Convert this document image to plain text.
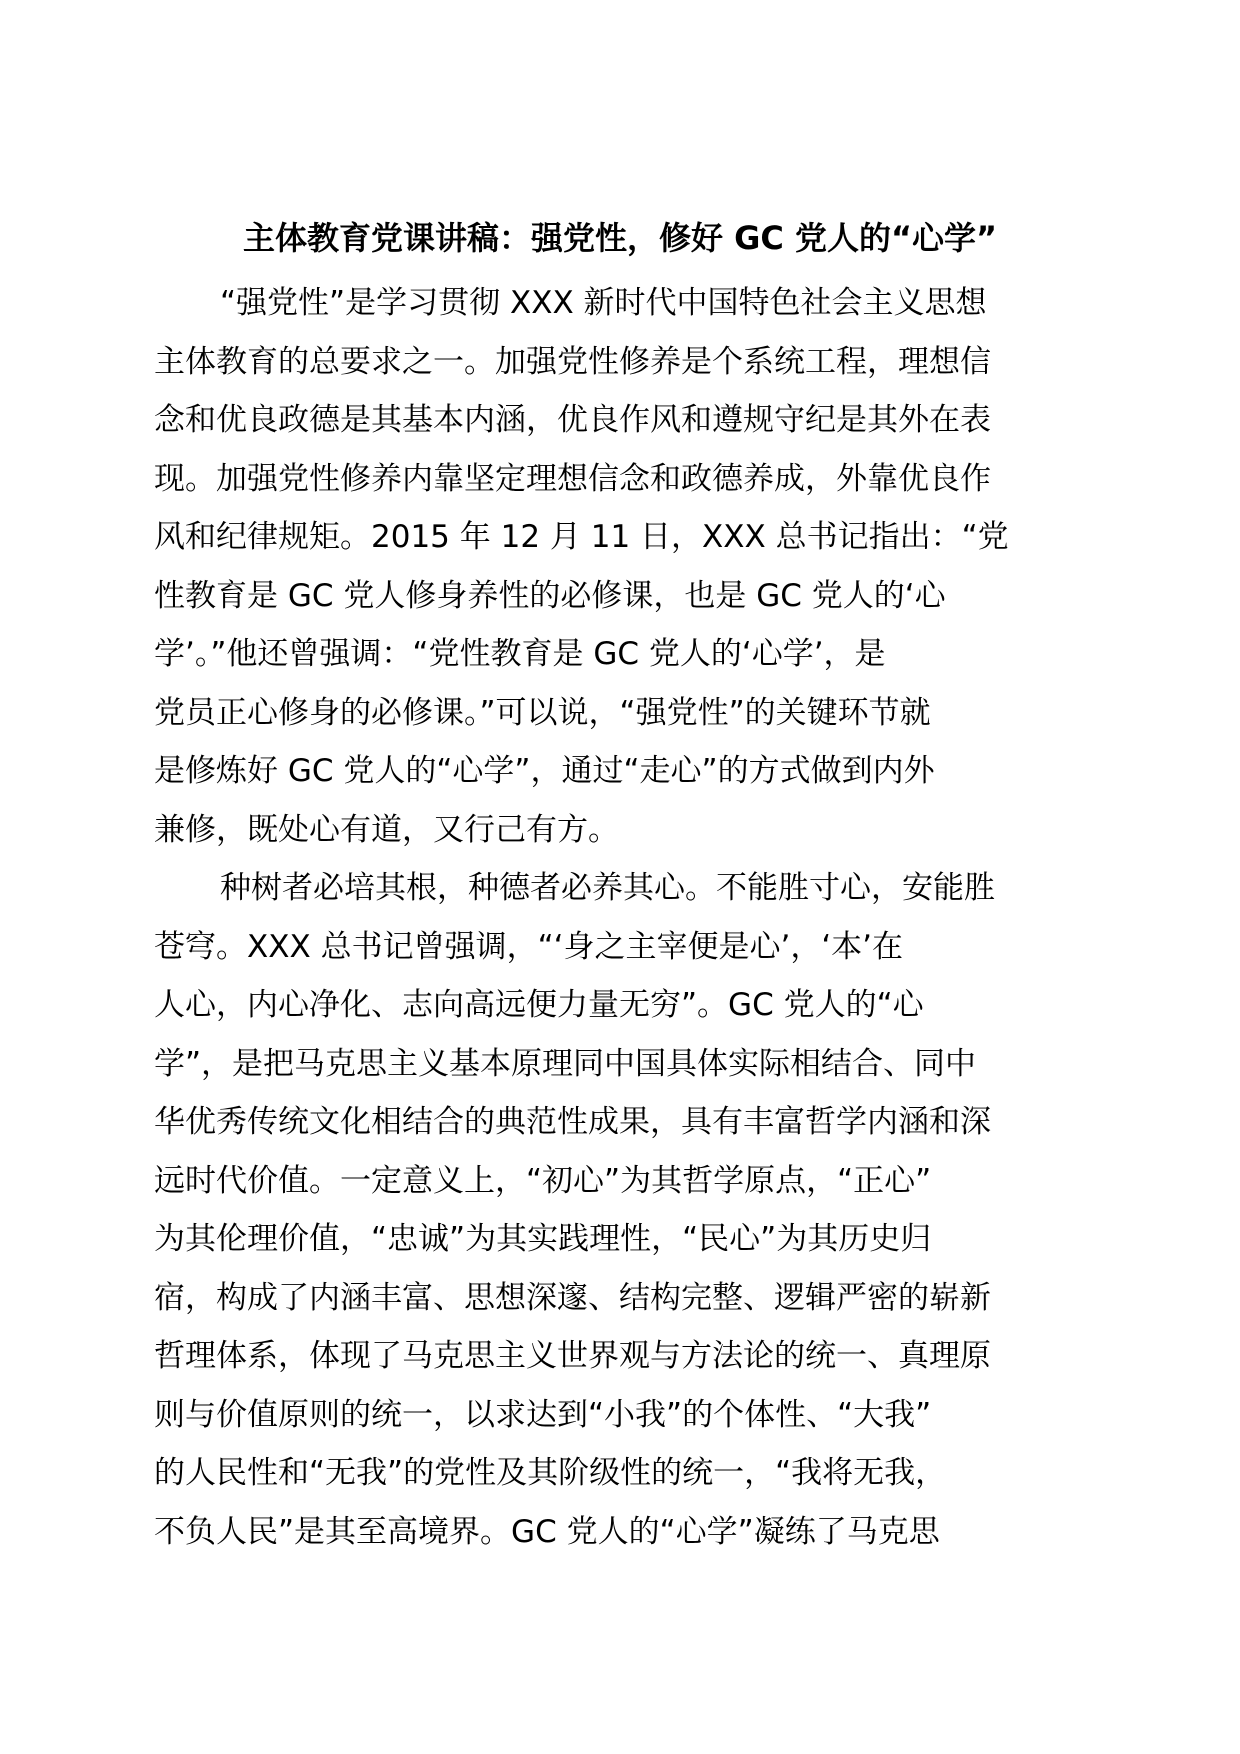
主体教育党课讲稿：强党性，修好 GC 党人的“心学”

“强党性”是学习贯彻 XXX 新时代中国特色社会主义思想
主体教育的总要求之一。加强党性修养是个系统工程，理想信
念和优良政德是其基本内涵，优良作风和遵规守纪是其外在表
现。加强党性修养内靠坚定理想信念和政德养成，外靠优良作
风和纪律规矩。2015 年 12 月 11 日，XXX 总书记指出：“党
性教育是 GC 党人修身养性的必修课，也是 GC 党人的‘心
学’。”他还曾强调：“党性教育是 GC 党人的‘心学’，是
党员正心修身的必修课。”可以说，“强党性”的关键环节就
是修炼好 GC 党人的“心学”，通过“走心”的方式做到内外
兼修，既处心有道，又行己有方。

种树者必培其根，种德者必养其心。不能胜寸心，安能胜
苍穹。XXX 总书记曾强调，“‘身之主宰便是心’，‘本’在
人心，内心净化、志向高远便力量无穷”。GC 党人的“心
学”，是把马克思主义基本原理同中国具体实际相结合、同中
华优秀传统文化相结合的典范性成果，具有丰富哲学内涵和深
远时代价值。一定意义上，“初心”为其哲学原点，“正心”
为其伦理价值，“忠诚”为其实践理性，“民心”为其历史归
宿，构成了内涵丰富、思想深邃、结构完整、逻辑严密的崭新
哲理体系，体现了马克思主义世界观与方法论的统一、真理原
则与价值原则的统一，以求达到“小我”的个体性、“大我”
的人民性和“无我”的党性及其阶级性的统一，“我将无我，
不负人民”是其至高境界。GC 党人的“心学”凝练了马克思
